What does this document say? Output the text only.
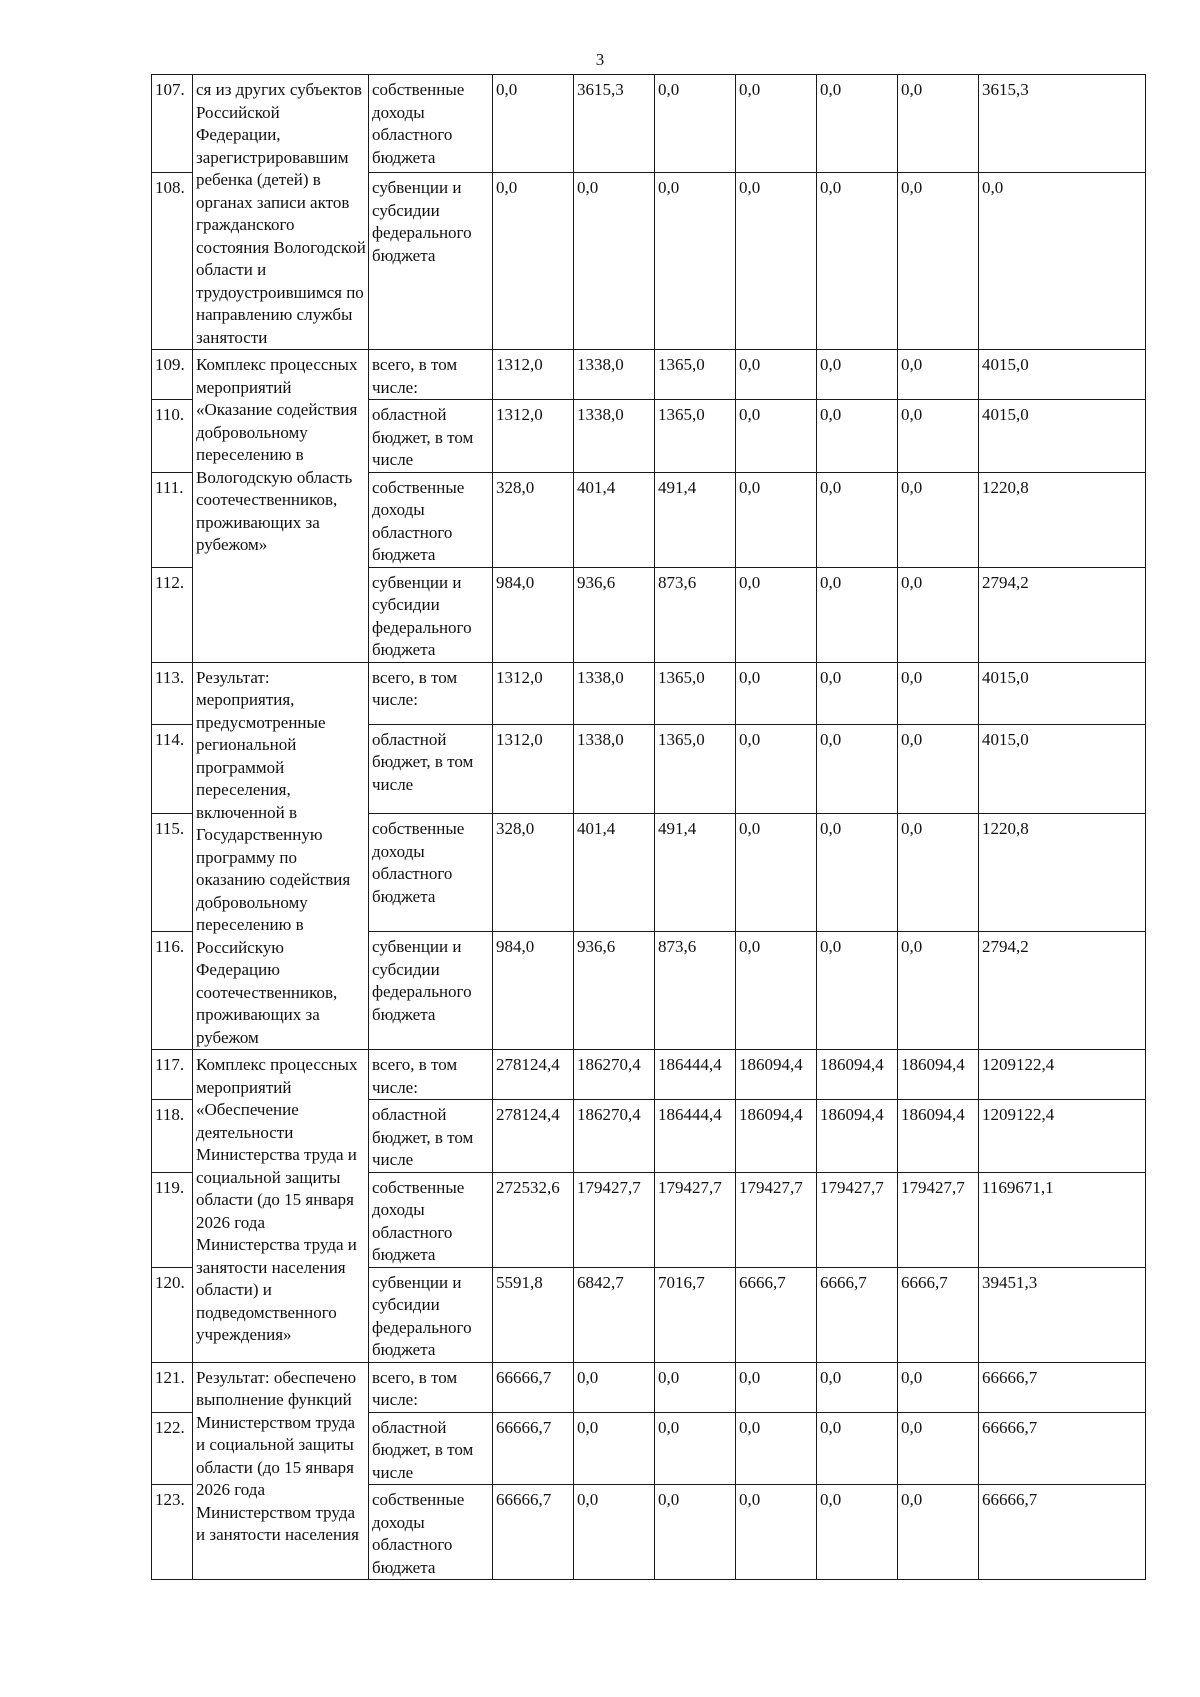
3
107.	ся из других субъектов Российской Федерации, зарегистрировавшим ребенка (детей) в органах записи актов гражданского состояния Вологодской области и трудоустроившимся по направлению службы занятости	собственные доходы областного бюджета	0,0	3615,3	0,0	0,0	0,0	0,0	3615,3
108.		субвенции и субсидии федерального бюджета	0,0	0,0	0,0	0,0	0,0	0,0	0,0
109.	Комплекс процессных мероприятий «Оказание содействия добровольному переселению в Вологодскую область соотечественников, проживающих за рубежом»	всего, в том числе:	1312,0	1338,0	1365,0	0,0	0,0	0,0	4015,0
110.		областной бюджет, в том числе	1312,0	1338,0	1365,0	0,0	0,0	0,0	4015,0
111.		собственные доходы областного бюджета	328,0	401,4	491,4	0,0	0,0	0,0	1220,8
112.		субвенции и субсидии федерального бюджета	984,0	936,6	873,6	0,0	0,0	0,0	2794,2
113.	Результат: мероприятия, предусмотренные региональной программой переселения, включенной в Государственную программу по оказанию содействия добровольному переселению в Российскую Федерацию соотечественников, проживающих за рубежом	всего, в том числе:	1312,0	1338,0	1365,0	0,0	0,0	0,0	4015,0
114.		областной бюджет, в том числе	1312,0	1338,0	1365,0	0,0	0,0	0,0	4015,0
115.		собственные доходы областного бюджета	328,0	401,4	491,4	0,0	0,0	0,0	1220,8
116.		субвенции и субсидии федерального бюджета	984,0	936,6	873,6	0,0	0,0	0,0	2794,2
117.	Комплекс процессных мероприятий «Обеспечение деятельности Министерства труда и социальной защиты области (до 15 января 2026 года Министерства труда и занятости населения области) и подведомственного учреждения»	всего, в том числе:	278124,4	186270,4	186444,4	186094,4	186094,4	186094,4	1209122,4
118.		областной бюджет, в том числе	278124,4	186270,4	186444,4	186094,4	186094,4	186094,4	1209122,4
119.		собственные доходы областного бюджета	272532,6	179427,7	179427,7	179427,7	179427,7	179427,7	1169671,1
120.		субвенции и субсидии федерального бюджета	5591,8	6842,7	7016,7	6666,7	6666,7	6666,7	39451,3
121.	Результат: обеспечено выполнение функций Министерством труда и социальной защиты области (до 15 января 2026 года Министерством труда и занятости населения	всего, в том числе:	66666,7	0,0	0,0	0,0	0,0	0,0	66666,7
122.		областной бюджет, в том числе	66666,7	0,0	0,0	0,0	0,0	0,0	66666,7
123.		собственные доходы областного бюджета	66666,7	0,0	0,0	0,0	0,0	0,0	66666,7
